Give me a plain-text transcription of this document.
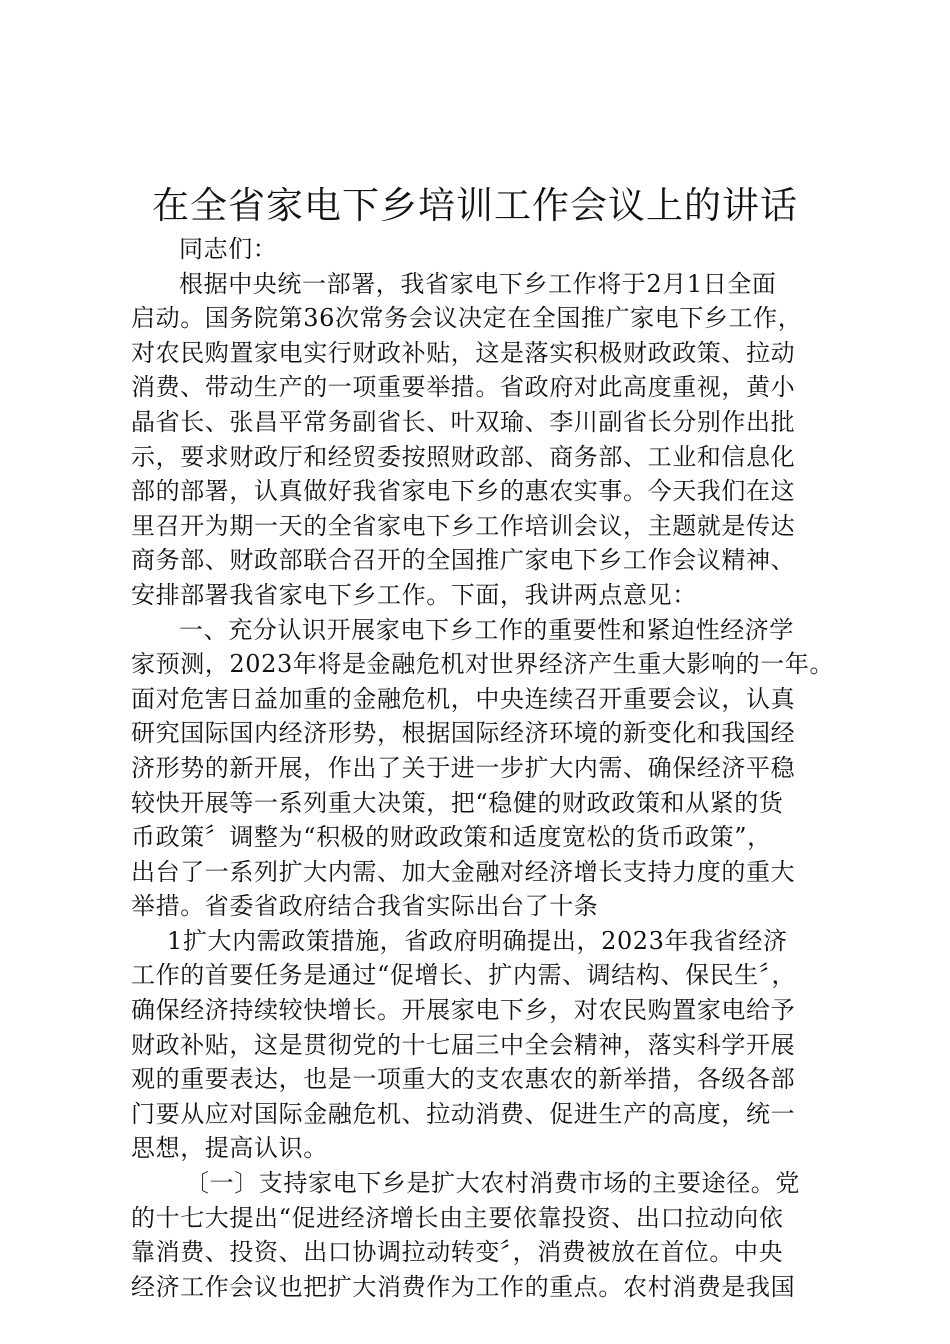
在全省家电下乡培训工作会议上的讲话
同志们：
根据中央统一部署，我省家电下乡工作将于2月1日全面
启动。国务院第36次常务会议决定在全国推广家电下乡工作，
对农民购置家电实行财政补贴，这是落实积极财政政策、拉动
消费、带动生产的一项重要举措。省政府对此高度重视，黄小
晶省长、张昌平常务副省长、叶双瑜、李川副省长分别作出批
示，要求财政厅和经贸委按照财政部、商务部、工业和信息化
部的部署，认真做好我省家电下乡的惠农实事。今天我们在这
里召开为期一天的全省家电下乡工作培训会议，主题就是传达
商务部、财政部联合召开的全国推广家电下乡工作会议精神、
安排部署我省家电下乡工作。下面，我讲两点意见：
一、充分认识开展家电下乡工作的重要性和紧迫性经济学
家预测，2023年将是金融危机对世界经济产生重大影响的一年。
面对危害日益加重的金融危机，中央连续召开重要会议，认真
研究国际国内经济形势，根据国际经济环境的新变化和我国经
济形势的新开展，作出了关于进一步扩大内需、确保经济平稳
较快开展等一系列重大决策，把“稳健的财政政策和从紧的货
币政策〞调整为“积极的财政政策和适度宽松的货币政策”，
出台了一系列扩大内需、加大金融对经济增长支持力度的重大
举措。省委省政府结合我省实际出台了十条
1扩大内需政策措施，省政府明确提出，2023年我省经济
工作的首要任务是通过“促增长、扩内需、调结构、保民生〞，
确保经济持续较快增长。开展家电下乡，对农民购置家电给予
财政补贴，这是贯彻党的十七届三中全会精神，落实科学开展
观的重要表达，也是一项重大的支农惠农的新举措，各级各部
门要从应对国际金融危机、拉动消费、促进生产的高度，统一
思想，提高认识。
〔一〕支持家电下乡是扩大农村消费市场的主要途径。党
的十七大提出“促进经济增长由主要依靠投资、出口拉动向依
靠消费、投资、出口协调拉动转变〞，消费被放在首位。中央
经济工作会议也把扩大消费作为工作的重点。农村消费是我国
